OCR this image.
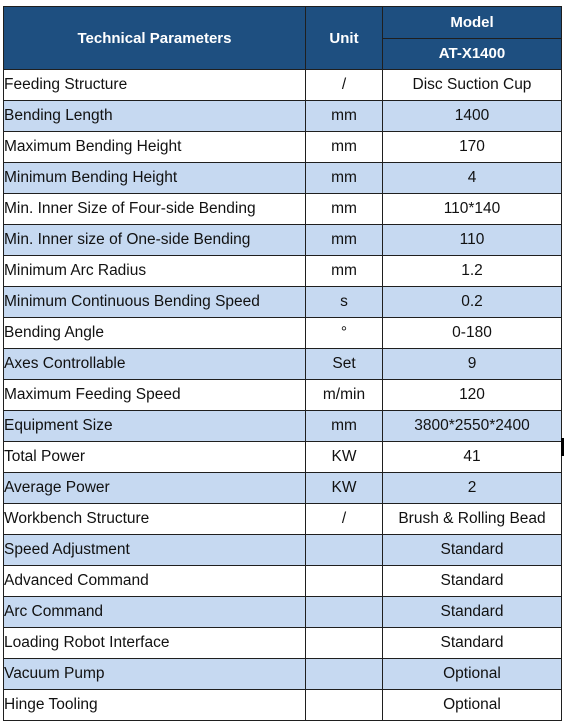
Technical Parameters	Unit	Model
		AT-X1400
Feeding Structure	/	Disc Suction Cup
Bending Length	mm	1400
Maximum Bending Height	mm	170
Minimum Bending Height	mm	4
Min. Inner Size of Four-side Bending	mm	110*140
Min. Inner size of One-side Bending	mm	110
Minimum Arc Radius	mm	1.2
Minimum Continuous Bending Speed	s	0.2
Bending Angle	°	0-180
Axes Controllable	Set	9
Maximum Feeding Speed	m/min	120
Equipment Size	mm	3800*2550*2400
Total Power	KW	41
Average Power	KW	2
Workbench Structure	/	Brush & Rolling Bead
Speed Adjustment		Standard
Advanced Command		Standard
Arc Command		Standard
Loading Robot Interface		Standard
Vacuum Pump		Optional
Hinge Tooling		Optional
